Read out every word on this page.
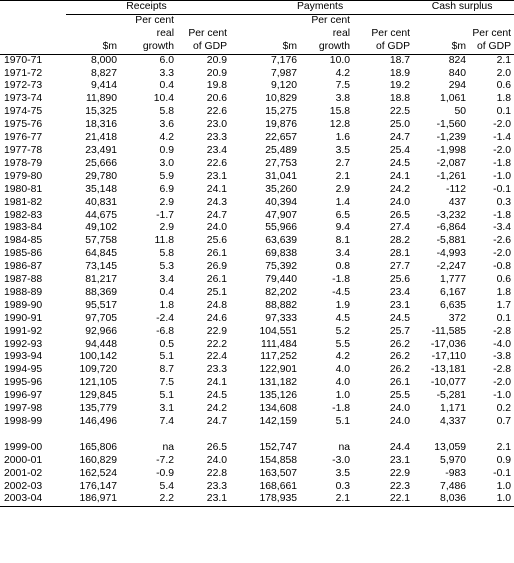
	Receipts			Payments			Cash surplus	
		Per cent			Per cent			
		real	Per cent		real	Per cent		Per cent
	$m	growth	of GDP	$m	growth	of GDP	$m	of GDP
1970-71	8,000	6.0	20.9	7,176	10.0	18.7	824	2.1
1971-72	8,827	3.3	20.9	7,987	4.2	18.9	840	2.0
1972-73	9,414	0.4	19.8	9,120	7.5	19.2	294	0.6
1973-74	11,890	10.4	20.6	10,829	3.8	18.8	1,061	1.8
1974-75	15,325	5.8	22.6	15,275	15.8	22.5	50	0.1
1975-76	18,316	3.6	23.0	19,876	12.8	25.0	-1,560	-2.0
1976-77	21,418	4.2	23.3	22,657	1.6	24.7	-1,239	-1.4
1977-78	23,491	0.9	23.4	25,489	3.5	25.4	-1,998	-2.0
1978-79	25,666	3.0	22.6	27,753	2.7	24.5	-2,087	-1.8
1979-80	29,780	5.9	23.1	31,041	2.1	24.1	-1,261	-1.0
1980-81	35,148	6.9	24.1	35,260	2.9	24.2	-112	-0.1
1981-82	40,831	2.9	24.3	40,394	1.4	24.0	437	0.3
1982-83	44,675	-1.7	24.7	47,907	6.5	26.5	-3,232	-1.8
1983-84	49,102	2.9	24.0	55,966	9.4	27.4	-6,864	-3.4
1984-85	57,758	11.8	25.6	63,639	8.1	28.2	-5,881	-2.6
1985-86	64,845	5.8	26.1	69,838	3.4	28.1	-4,993	-2.0
1986-87	73,145	5.3	26.9	75,392	0.8	27.7	-2,247	-0.8
1987-88	81,217	3.4	26.1	79,440	-1.8	25.6	1,777	0.6
1988-89	88,369	0.4	25.1	82,202	-4.5	23.4	6,167	1.8
1989-90	95,517	1.8	24.8	88,882	1.9	23.1	6,635	1.7
1990-91	97,705	-2.4	24.6	97,333	4.5	24.5	372	0.1
1991-92	92,966	-6.8	22.9	104,551	5.2	25.7	-11,585	-2.8
1992-93	94,448	0.5	22.2	111,484	5.5	26.2	-17,036	-4.0
1993-94	100,142	5.1	22.4	117,252	4.2	26.2	-17,110	-3.8
1994-95	109,720	8.7	23.3	122,901	4.0	26.2	-13,181	-2.8
1995-96	121,105	7.5	24.1	131,182	4.0	26.1	-10,077	-2.0
1996-97	129,845	5.1	24.5	135,126	1.0	25.5	-5,281	-1.0
1997-98	135,779	3.1	24.2	134,608	-1.8	24.0	1,171	0.2
1998-99	146,496	7.4	24.7	142,159	5.1	24.0	4,337	0.7

1999-00	165,806	na	26.5	152,747	na	24.4	13,059	2.1
2000-01	160,829	-7.2	24.0	154,858	-3.0	23.1	5,970	0.9
2001-02	162,524	-0.9	22.8	163,507	3.5	22.9	-983	-0.1
2002-03	176,147	5.4	23.3	168,661	0.3	22.3	7,486	1.0
2003-04	186,971	2.2	23.1	178,935	2.1	22.1	8,036	1.0
